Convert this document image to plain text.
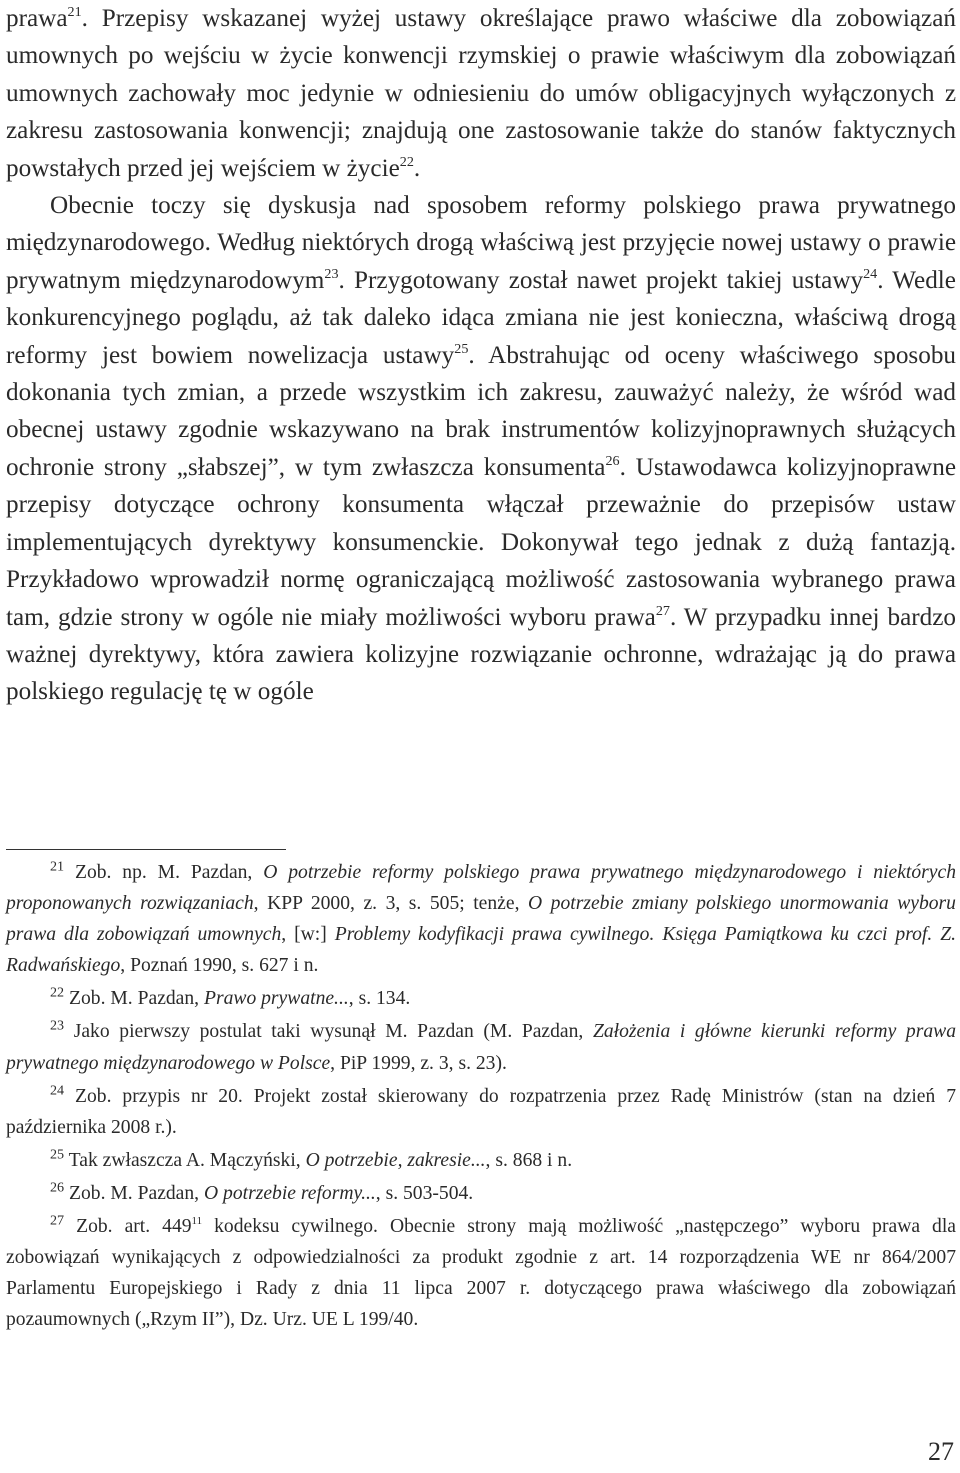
prawa$^{21}$. Przepisy wskazanej wyżej ustawy określające prawo właściwe dla zobowiązań umownych po wejściu w życie konwencji rzymskiej o prawie właściwym dla zobowiązań umownych zachowały moc jedynie w odniesieniu do umów obligacyjnych wyłączonych z zakresu zastosowania konwencji; znajdują one zastosowanie także do stanów faktycznych powstałych przed jej wejściem w życie$^{22}$.

Obecnie toczy się dyskusja nad sposobem reformy polskiego prawa prywatnego międzynarodowego. Według niektórych drogą właściwą jest przyjęcie nowej ustawy o prawie prywatnym międzynarodowym$^{23}$. Przygotowany został nawet projekt takiej ustawy$^{24}$. Wedle konkurencyjnego poglądu, aż tak daleko idąca zmiana nie jest konieczna, właściwą drogą reformy jest bowiem nowelizacja ustawy$^{25}$. Abstrahując od oceny właściwego sposobu dokonania tych zmian, a przede wszystkim ich zakresu, zauważyć należy, że wśród wad obecnej ustawy zgodnie wskazywano na brak instrumentów kolizyjnoprawnych służących ochronie strony „słabszej”, w tym zwłaszcza konsumenta$^{26}$. Ustawodawca kolizyjnoprawne przepisy dotyczące ochrony konsumenta włączał przeważnie do przepisów ustaw implementujących dyrektywy konsumenckie. Dokonywał tego jednak z dużą fantazją. Przykładowo wprowadził normę ograniczającą możliwość zastosowania wybranego prawa tam, gdzie strony w ogóle nie miały możliwości wyboru prawa$^{27}$. W przypadku innej bardzo ważnej dyrektywy, która zawiera kolizyjne rozwiązanie ochronne, wdrażając ją do prawa polskiego regulację tę w ogóle

$^{21}$ Zob. np. M. Pazdan, O potrzebie reformy polskiego prawa prywatnego międzynarodowego i niektórych proponowanych rozwiązaniach, KPP 2000, z. 3, s. 505; tenże, O potrzebie zmiany polskiego unormowania wyboru prawa dla zobowiązań umownych, [w:] Problemy kodyfikacji prawa cywilnego. Księga Pamiątkowa ku czci prof. Z. Radwańskiego, Poznań 1990, s. 627 i n.

$^{22}$ Zob. M. Pazdan, Prawo prywatne..., s. 134.

$^{23}$ Jako pierwszy postulat taki wysunął M. Pazdan (M. Pazdan, Założenia i główne kierunki reformy prawa prywatnego międzynarodowego w Polsce, PiP 1999, z. 3, s. 23).

$^{24}$ Zob. przypis nr 20. Projekt został skierowany do rozpatrzenia przez Radę Ministrów (stan na dzień 7 października 2008 r.).

$^{25}$ Tak zwłaszcza A. Mączyński, O potrzebie, zakresie..., s. 868 i n.

$^{26}$ Zob. M. Pazdan, O potrzebie reformy..., s. 503-504.

$^{27}$ Zob. art. $449^{11}$ kodeksu cywilnego. Obecnie strony mają możliwość „następczego” wyboru prawa dla zobowiązań wynikających z odpowiedzialności za produkt zgodnie z art. 14 rozporządzenia WE nr 864/2007 Parlamentu Europejskiego i Rady z dnia 11 lipca 2007 r. dotyczącego prawa właściwego dla zobowiązań pozaumownych („Rzym II”), Dz. Urz. UE L 199/40.

27
